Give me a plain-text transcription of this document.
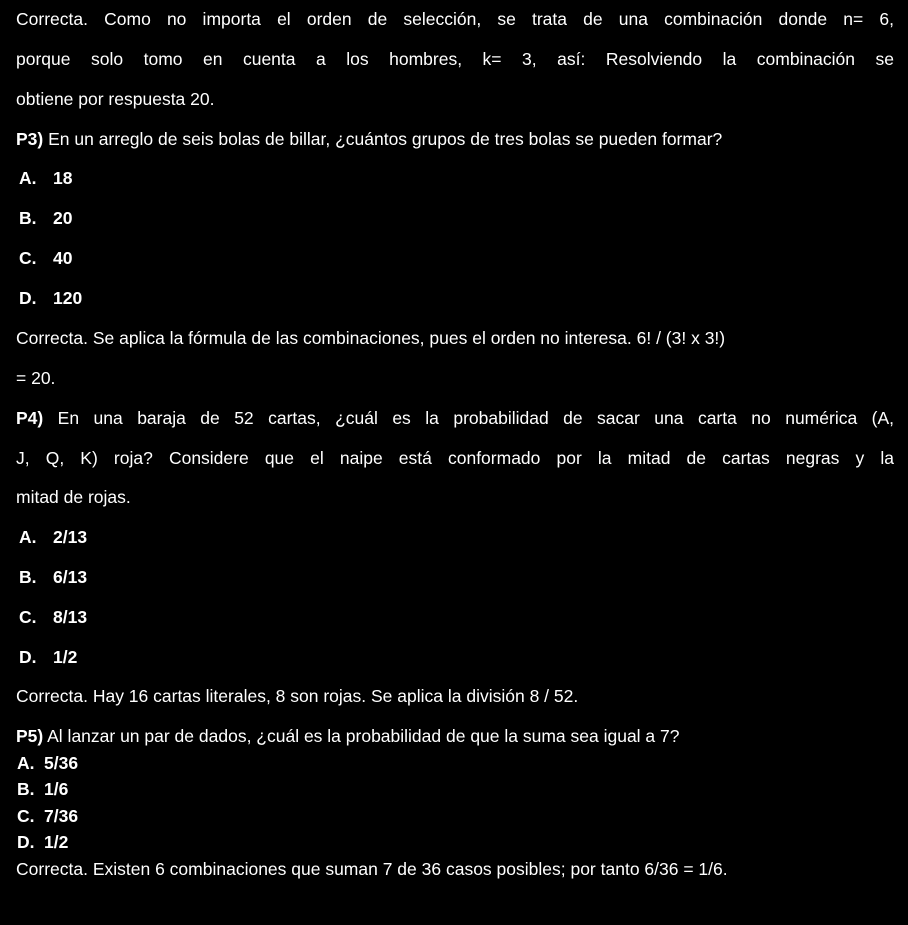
Correcta. Como no importa el orden de selección, se trata de una combinación donde n= 6,
porque solo tomo en cuenta a los hombres, k= 3, así: Resolviendo la combinación se
obtiene por respuesta 20.
P3) En un arreglo de seis bolas de billar, ¿cuántos grupos de tres bolas se pueden formar?
A. 18
B. 20
C. 40
D. 120
Correcta. Se aplica la fórmula de las combinaciones, pues el orden no interesa. 6! / (3! x 3!)
= 20.
P4) En una baraja de 52 cartas, ¿cuál es la probabilidad de sacar una carta no numérica (A,
J, Q, K) roja? Considere que el naipe está conformado por la mitad de cartas negras y la
mitad de rojas.
A. 2/13
B. 6/13
C. 8/13
D. 1/2
Correcta. Hay 16 cartas literales, 8 son rojas. Se aplica la división 8 / 52.
P5) Al lanzar un par de dados, ¿cuál es la probabilidad de que la suma sea igual a 7?
A. 5/36
B. 1/6
C. 7/36
D. 1/2
Correcta. Existen 6 combinaciones que suman 7 de 36 casos posibles; por tanto 6/36 = 1/6.
